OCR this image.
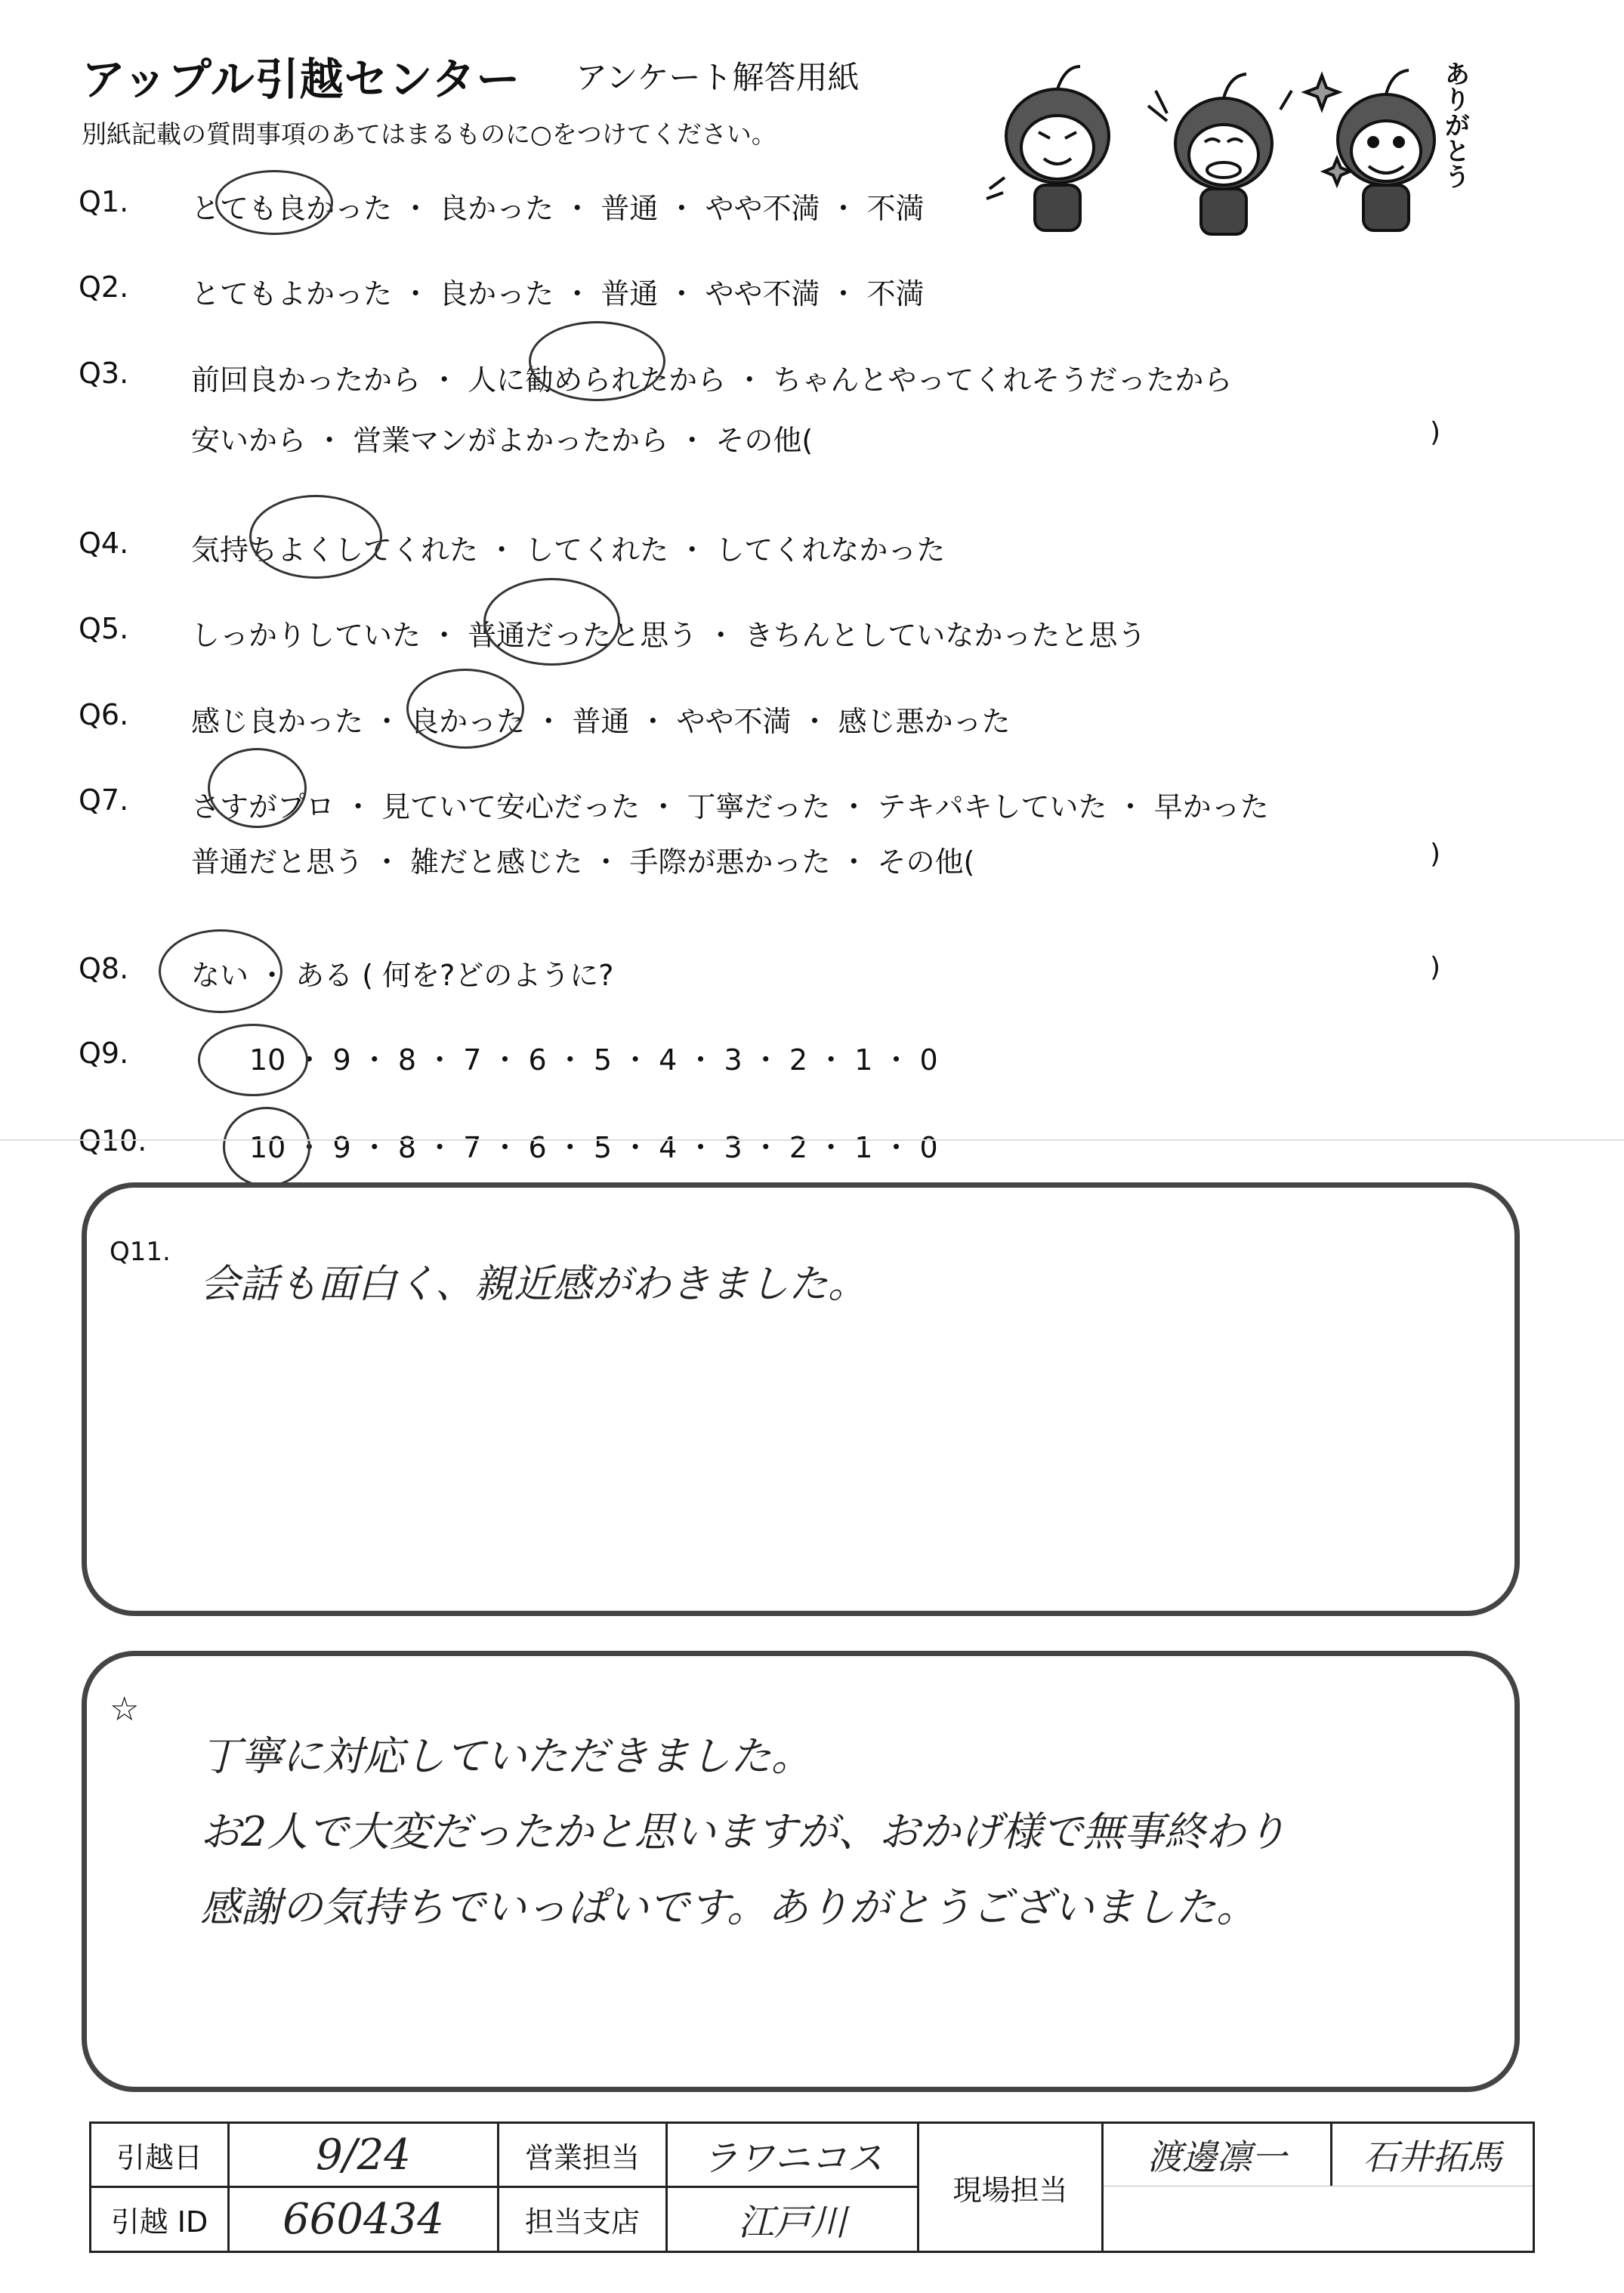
アップル引越センター アンケート解答用紙
別紙記載の質問事項のあてはまるものに○をつけてください。	ありがとう
Q1. とても良かった ・ 良かった ・ 普通 ・ やや不満 ・ 不満
Q2. とてもよかった ・ 良かった ・ 普通 ・ やや不満 ・ 不満
Q3. 前回良かったから ・ 人に勧められたから ・ ちゃんとやってくれそうだったから
安いから ・ 営業マンがよかったから ・ その他(	)
Q4. 気持ちよくしてくれた ・ してくれた ・ してくれなかった
Q5. しっかりしていた ・ 普通だったと思う ・ きちんとしていなかったと思う
Q6. 感じ良かった ・ 良かった ・ 普通 ・ やや不満 ・ 感じ悪かった
Q7. さすがプロ ・ 見ていて安心だった ・ 丁寧だった ・ テキパキしていた ・ 早かった
普通だと思う ・ 雑だと感じた ・ 手際が悪かった ・ その他(	)
Q8. ない ・ ある ( 何を?どのように?	)
Q9.	10 ・ 9 ・ 8 ・ 7 ・ 6 ・ 5 ・ 4 ・ 3 ・ 2 ・ 1 ・ 0
Q10.	10 ・ 9 ・ 8 ・ 7 ・ 6 ・ 5 ・ 4 ・ 3 ・ 2 ・ 1 ・ 0
Q11.
会話も面白く、親近感がわきました。
☆
丁寧に対応していただきました。
お2人で大変だったかと思いますが、おかげ様で無事終わり
感謝の気持ちでいっぱいです。ありがとうございました。
引越日	9/24	営業担当	ラワニコス
引越 ID	660434	担当支店	江戸川
現場担当
渡邊凛一	石井拓馬
